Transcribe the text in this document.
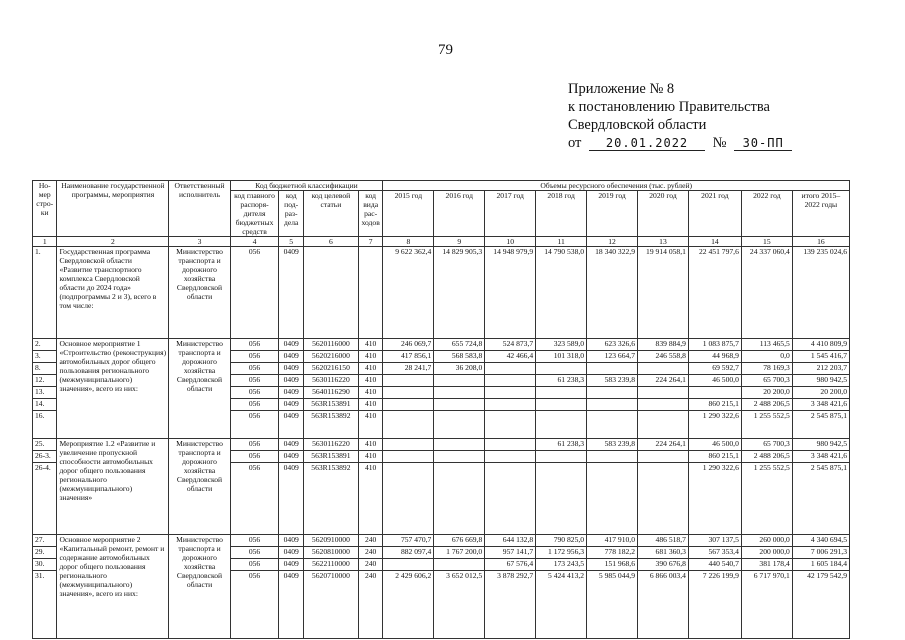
79
Приложение № 8
к постановлению Правительства
Свердловской области
от 20.01.2022 № 30-ПП
Но-мер стро-ки	Наименование государственной программы, мероприятия	Ответственный исполнитель	Код бюджетной классификации				Объемы ресурсного обеспечения (тыс. рублей)								
			код главного распоря-дителя бюджетных средств	код под-раз-дела	код целевой статьи	код вида рас-ходов	2015 год	2016 год	2017 год	2018 год	2019 год	2020 год	2021 год	2022 год	итого 2015–2022 годы
1	2	3	4	5	6	7	8	9	10	11	12	13	14	15	16
1.	Государственная программа Свердловской области «Развитие транспортного комплекса Свердловской области до 2024 года» (подпрограммы 2 и 3), всего в том числе:	Министерство транспорта и дорожного хозяйства Свердловской области	056	0409			9 622 362,4	14 829 905,3	14 948 979,9	14 790 538,0	18 340 322,9	19 914 058,1	22 451 797,6	24 337 060,4	139 235 024,6
2.	Основное мероприятие 1 «Строительство (реконструкция) автомобильных дорог общего пользования регионального (межмуниципального) значения», всего из них:	Министерство транспорта и дорожного хозяйства Свердловской области	056	0409	5620116000	410	246 069,7	655 724,8	524 873,7	323 589,0	623 326,6	839 884,9	1 083 875,7	113 465,5	4 410 809,9
3.			056	0409	5620216000	410	417 856,1	568 583,8	42 466,4	101 318,0	123 664,7	246 558,8	44 968,9	0,0	1 545 416,7
8.			056	0409	5620216150	410	28 241,7	36 208,0					69 592,7	78 169,3	212 203,7
12.			056	0409	5630116220	410				61 238,3	583 239,8	224 264,1	46 500,0	65 700,3	980 942,5
13.			056	0409	5640116290	410								20 200,0	20 200,0
14.			056	0409	563R153891	410							860 215,1	2 488 206,5	3 348 421,6
16.			056	0409	563R153892	410							1 290 322,6	1 255 552,5	2 545 875,1
25.	Мероприятие 1.2 «Развитие и увеличение пропускной способности автомобильных дорог общего пользования регионального (межмуниципального) значения»	Министерство транспорта и дорожного хозяйства Свердловской области	056	0409	5630116220	410				61 238,3	583 239,8	224 264,1	46 500,0	65 700,3	980 942,5
26-3.			056	0409	563R153891	410							860 215,1	2 488 206,5	3 348 421,6
26-4.			056	0409	563R153892	410							1 290 322,6	1 255 552,5	2 545 875,1
27.	Основное мероприятие 2 «Капитальный ремонт, ремонт и содержание автомобильных дорог общего пользования регионального (межмуниципального) значения», всего из них:	Министерство транспорта и дорожного хозяйства Свердловской области	056	0409	5620910000	240	757 470,7	676 669,8	644 132,8	790 825,0	417 910,0	486 518,7	307 137,5	260 000,0	4 340 694,5
29.			056	0409	5620810000	240	882 097,4	1 767 200,0	957 141,7	1 172 956,3	778 182,2	681 360,3	567 353,4	200 000,0	7 006 291,3
30.			056	0409	5622110000	240			67 576,4	173 243,5	151 968,6	390 676,8	440 540,7	381 178,4	1 605 184,4
31.			056	0409	5620710000	240	2 429 606,2	3 652 012,5	3 878 292,7	5 424 413,2	5 985 044,9	6 866 003,4	7 226 199,9	6 717 970,1	42 179 542,9
